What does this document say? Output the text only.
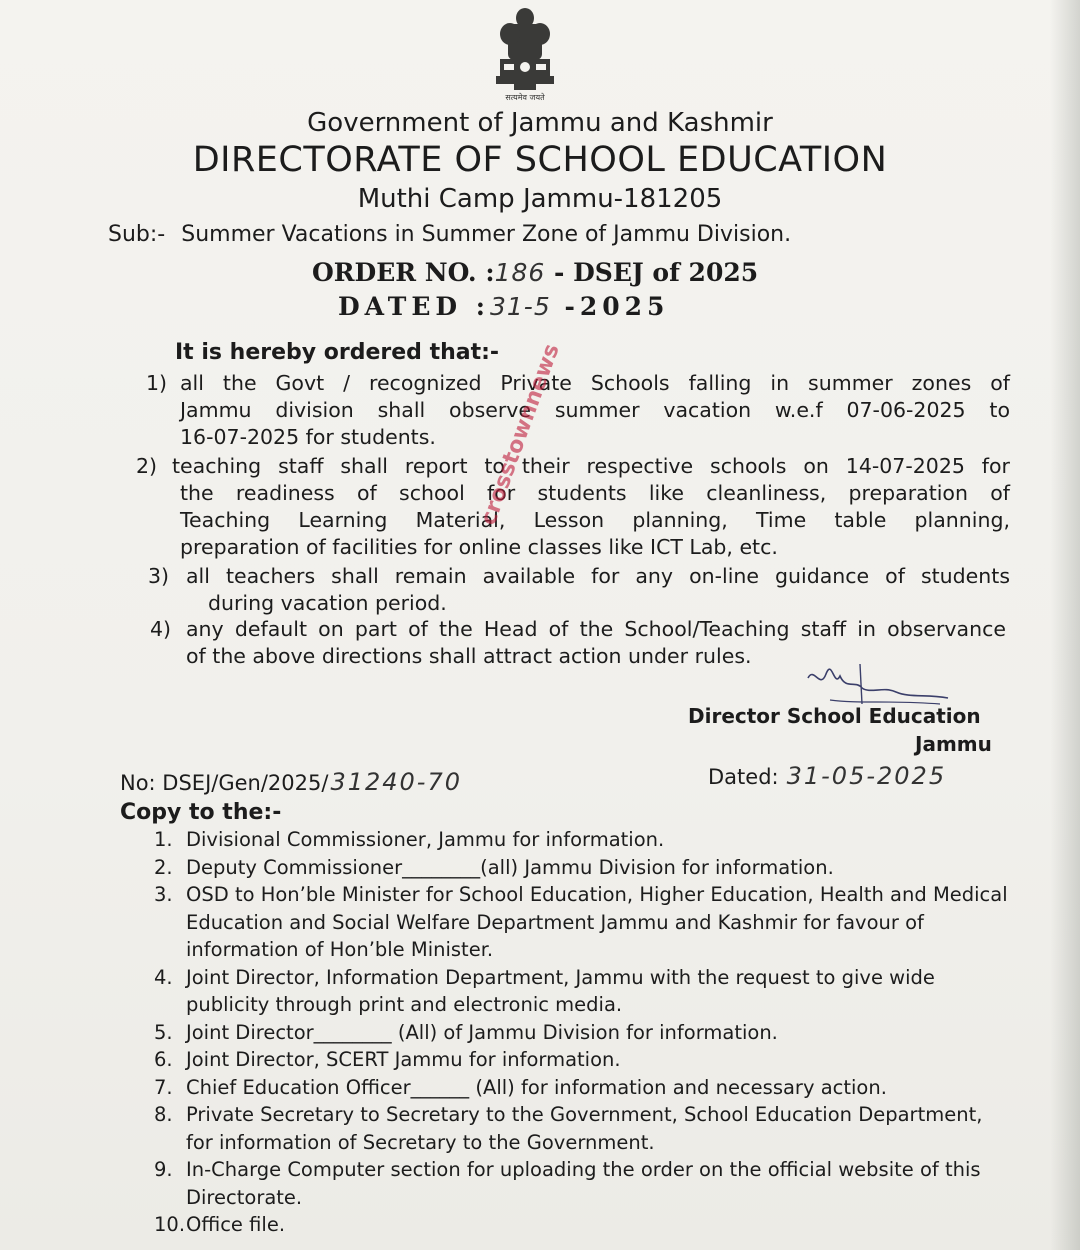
सत्यमेव जयते
Government of Jammu and Kashmir
DIRECTORATE OF SCHOOL EDUCATION
Muthi Camp Jammu-181205
Sub:- Summer Vacations in Summer Zone of Jammu Division.
ORDER NO. :186 - DSEJ of 2025
DATED :31-5 -2025
It is hereby ordered that:-
1) all the Govt / recognized Private Schools falling in summer zones of
Jammu division shall observe summer vacation w.e.f 07-06-2025 to
16-07-2025 for students.
2) teaching staff shall report to their respective schools on 14-07-2025 for
the readiness of school for students like cleanliness, preparation of
Teaching Learning Material, Lesson planning, Time table planning,
preparation of facilities for online classes like ICT Lab, etc.
3) all teachers shall remain available for any on-line guidance of students
during vacation period.
4) any default on part of the Head of the School/Teaching staff in observance
of the above directions shall attract action under rules.
Director School Education
Jammu
No: DSEJ/Gen/2025/31240-70	Dated: 31-05-2025
Copy to the:-
1. Divisional Commissioner, Jammu for information.
2. Deputy Commissioner________(all) Jammu Division for information.
3. OSD to Hon’ble Minister for School Education, Higher Education, Health and Medical Education and Social Welfare Department Jammu and Kashmir for favour of information of Hon’ble Minister.
4. Joint Director, Information Department, Jammu with the request to give wide publicity through print and electronic media.
5. Joint Director________ (All) of Jammu Division for information.
6. Joint Director, SCERT Jammu for information.
7. Chief Education Officer______ (All) for information and necessary action.
8. Private Secretary to Secretary to the Government, School Education Department, for information of Secretary to the Government.
9. In-Charge Computer section for uploading the order on the official website of this Directorate.
10. Office file.
crosstownnews
